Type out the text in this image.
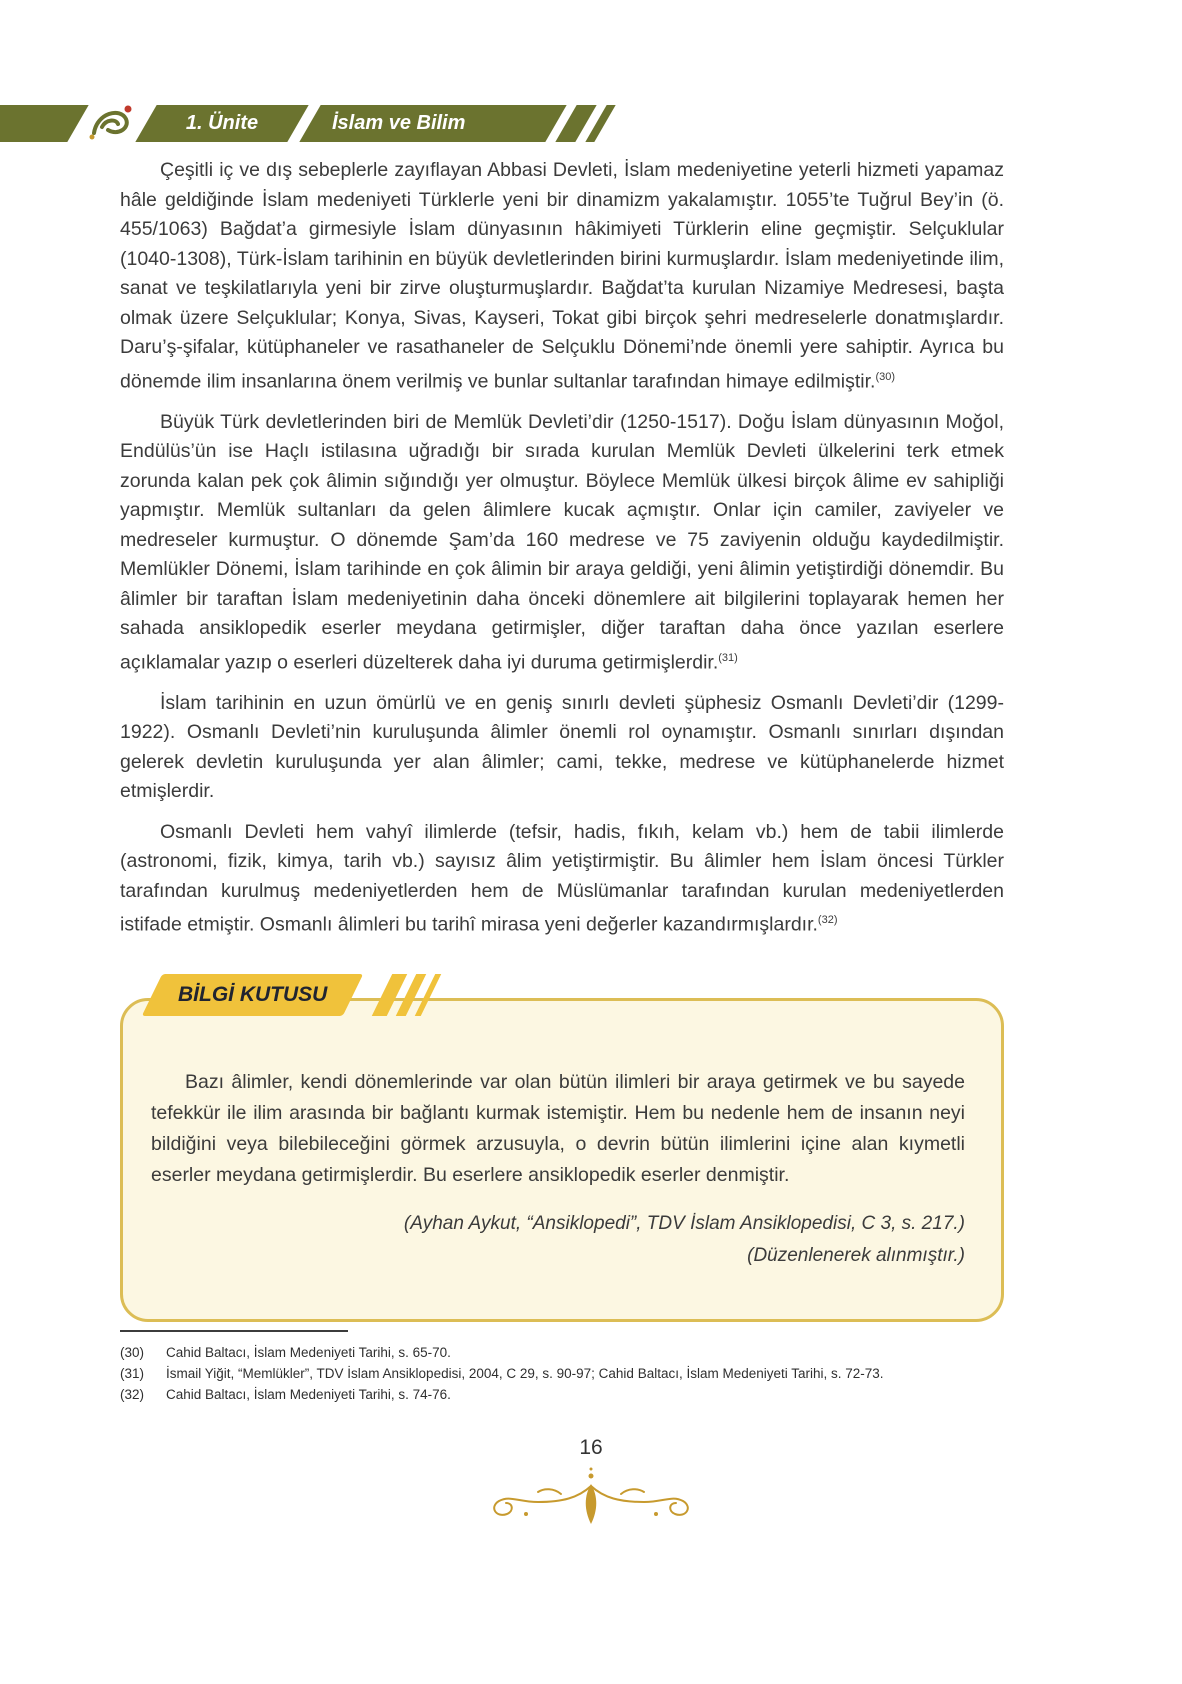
1. Ünite	İslam ve Bilim

Çeşitli iç ve dış sebeplerle zayıflayan Abbasi Devleti, İslam medeniyetine yeterli hizmeti yapamaz hâle geldiğinde İslam medeniyeti Türklerle yeni bir dinamizm yakalamıştır. 1055’te Tuğrul Bey’in (ö. 455/1063) Bağdat’a girmesiyle İslam dünyasının hâkimiyeti Türklerin eline geçmiştir. Selçuklular (1040-1308), Türk-İslam tarihinin en büyük devletlerinden birini kurmuşlardır. İslam medeniyetinde ilim, sanat ve teşkilatlarıyla yeni bir zirve oluşturmuşlardır. Bağdat’ta kurulan Nizamiye Medresesi, başta olmak üzere Selçuklular; Konya, Sivas, Kayseri, Tokat gibi birçok şehri medreselerle donatmışlardır. Daru’ş-şifalar, kütüphaneler ve rasathaneler de Selçuklu Dönemi’nde önemli yere sahiptir. Ayrıca bu dönemde ilim insanlarına önem verilmiş ve bunlar sultanlar tarafından himaye edilmiştir.$^{(30)}$

Büyük Türk devletlerinden biri de Memlük Devleti’dir (1250-1517). Doğu İslam dünyasının Moğol, Endülüs’ün ise Haçlı istilasına uğradığı bir sırada kurulan Memlük Devleti ülkelerini terk etmek zorunda kalan pek çok âlimin sığındığı yer olmuştur. Böylece Memlük ülkesi birçok âlime ev sahipliği yapmıştır. Memlük sultanları da gelen âlimlere kucak açmıştır. Onlar için camiler, zaviyeler ve medreseler kurmuştur. O dönemde Şam’da 160 medrese ve 75 zaviyenin olduğu kaydedilmiştir. Memlükler Dönemi, İslam tarihinde en çok âlimin bir araya geldiği, yeni âlimin yetiştirdiği dönemdir. Bu âlimler bir taraftan İslam medeniyetinin daha önceki dönemlere ait bilgilerini toplayarak hemen her sahada ansiklopedik eserler meydana getirmişler, diğer taraftan daha önce yazılan eserlere açıklamalar yazıp o eserleri düzelterek daha iyi duruma getirmişlerdir.$^{(31)}$

İslam tarihinin en uzun ömürlü ve en geniş sınırlı devleti şüphesiz Osmanlı Devleti’dir (1299-1922). Osmanlı Devleti’nin kuruluşunda âlimler önemli rol oynamıştır. Osmanlı sınırları dışından gelerek devletin kuruluşunda yer alan âlimler; cami, tekke, medrese ve kütüphanelerde hizmet etmişlerdir.

Osmanlı Devleti hem vahyî ilimlerde (tefsir, hadis, fıkıh, kelam vb.) hem de tabii ilimlerde (astronomi, fizik, kimya, tarih vb.) sayısız âlim yetiştirmiştir. Bu âlimler hem İslam öncesi Türkler tarafından kurulmuş medeniyetlerden hem de Müslümanlar tarafından kurulan medeniyetlerden istifade etmiştir. Osmanlı âlimleri bu tarihî mirasa yeni değerler kazandırmışlardır.$^{(32)}$

BİLGİ KUTUSU

Bazı âlimler, kendi dönemlerinde var olan bütün ilimleri bir araya getirmek ve bu sayede tefekkür ile ilim arasında bir bağlantı kurmak istemiştir. Hem bu nedenle hem de insanın neyi bildiğini veya bilebileceğini görmek arzusuyla, o devrin bütün ilimlerini içine alan kıymetli eserler meydana getirmişlerdir. Bu eserlere ansiklopedik eserler denmiştir.

(Ayhan Aykut, “Ansiklopedi”, TDV İslam Ansiklopedisi, C 3, s. 217.)

(Düzenlenerek alınmıştır.)

(30)	Cahid Baltacı, İslam Medeniyeti Tarihi, s. 65-70.
(31)	İsmail Yiğit, “Memlükler”, TDV İslam Ansiklopedisi, 2004, C 29, s. 90-97; Cahid Baltacı, İslam Medeniyeti Tarihi, s. 72-73.
(32)	Cahid Baltacı, İslam Medeniyeti Tarihi, s. 74-76.
16
